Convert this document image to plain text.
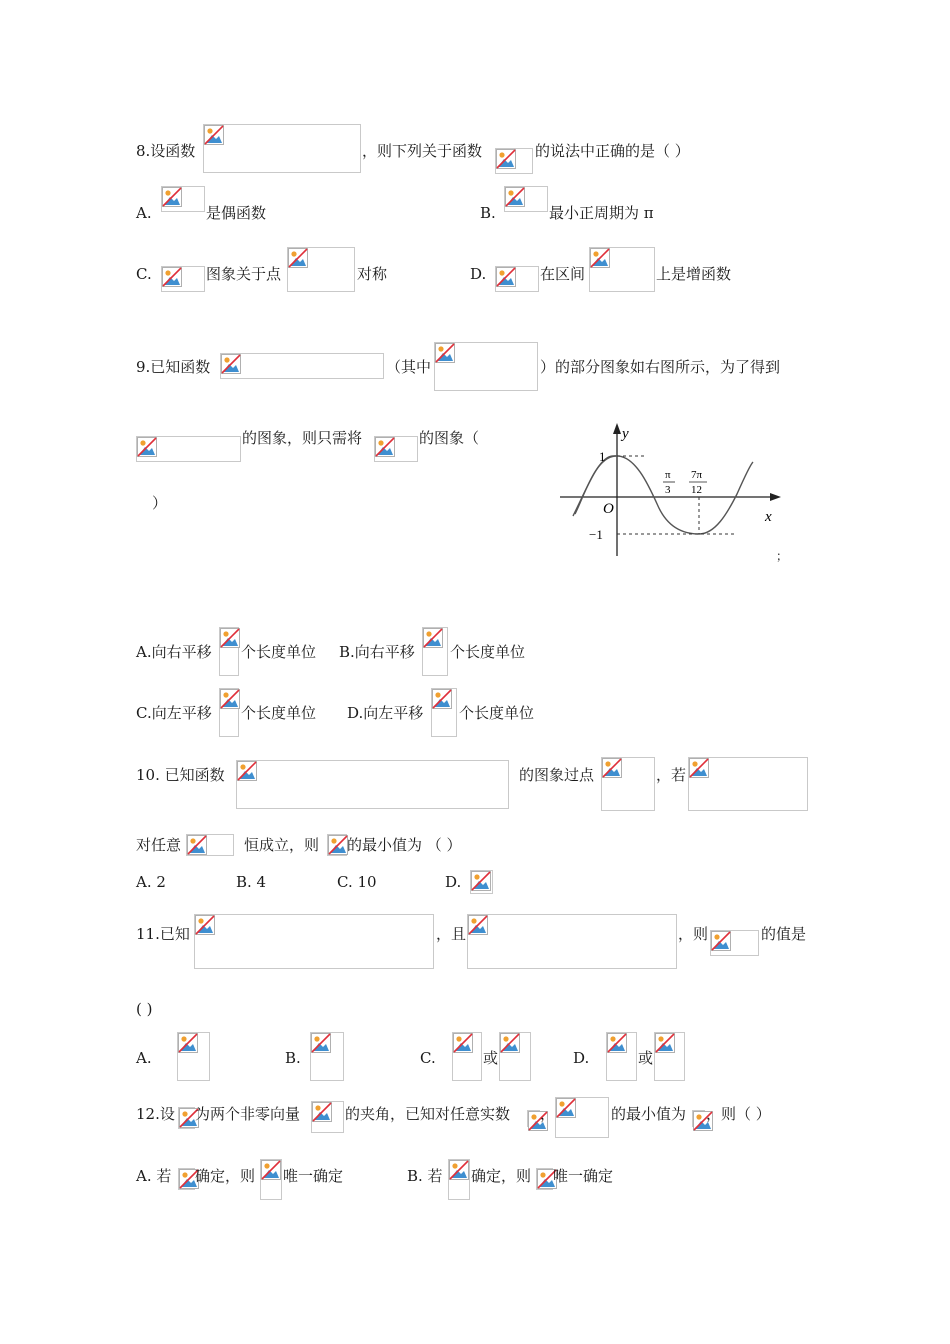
8.设函数	，则下列关于函数	的说法中正确的是（ ）
A.	是偶函数	B.	最小正周期为 π
C.	图象关于点	对称	D.	在区间	上是增函数
9.已知函数	（其中	）的部分图象如右图所示，为了得到
的图象，则只需将	的图象（
）
y
x
O
1
−1
π
3
7π
12
；
A.向右平移 个长度单位 B.向右平移 个长度单位
C.向左平移 个长度单位 D.向左平移 个长度单位
10. 已知函数	的图象过点	，若
对任意	恒成立，则 的最小值为 （ ）
A. 2	B. 4	C. 10	D.
11.已知	，且	，则	的值是
( )
A.	B.	C.	或	D.	或
12.设 为两个非零向量	的夹角，已知对任意实数 ，	的最小值为 ，则（ ）
A. 若 确定，则 唯一确定	B. 若 确定，则 唯一确定
